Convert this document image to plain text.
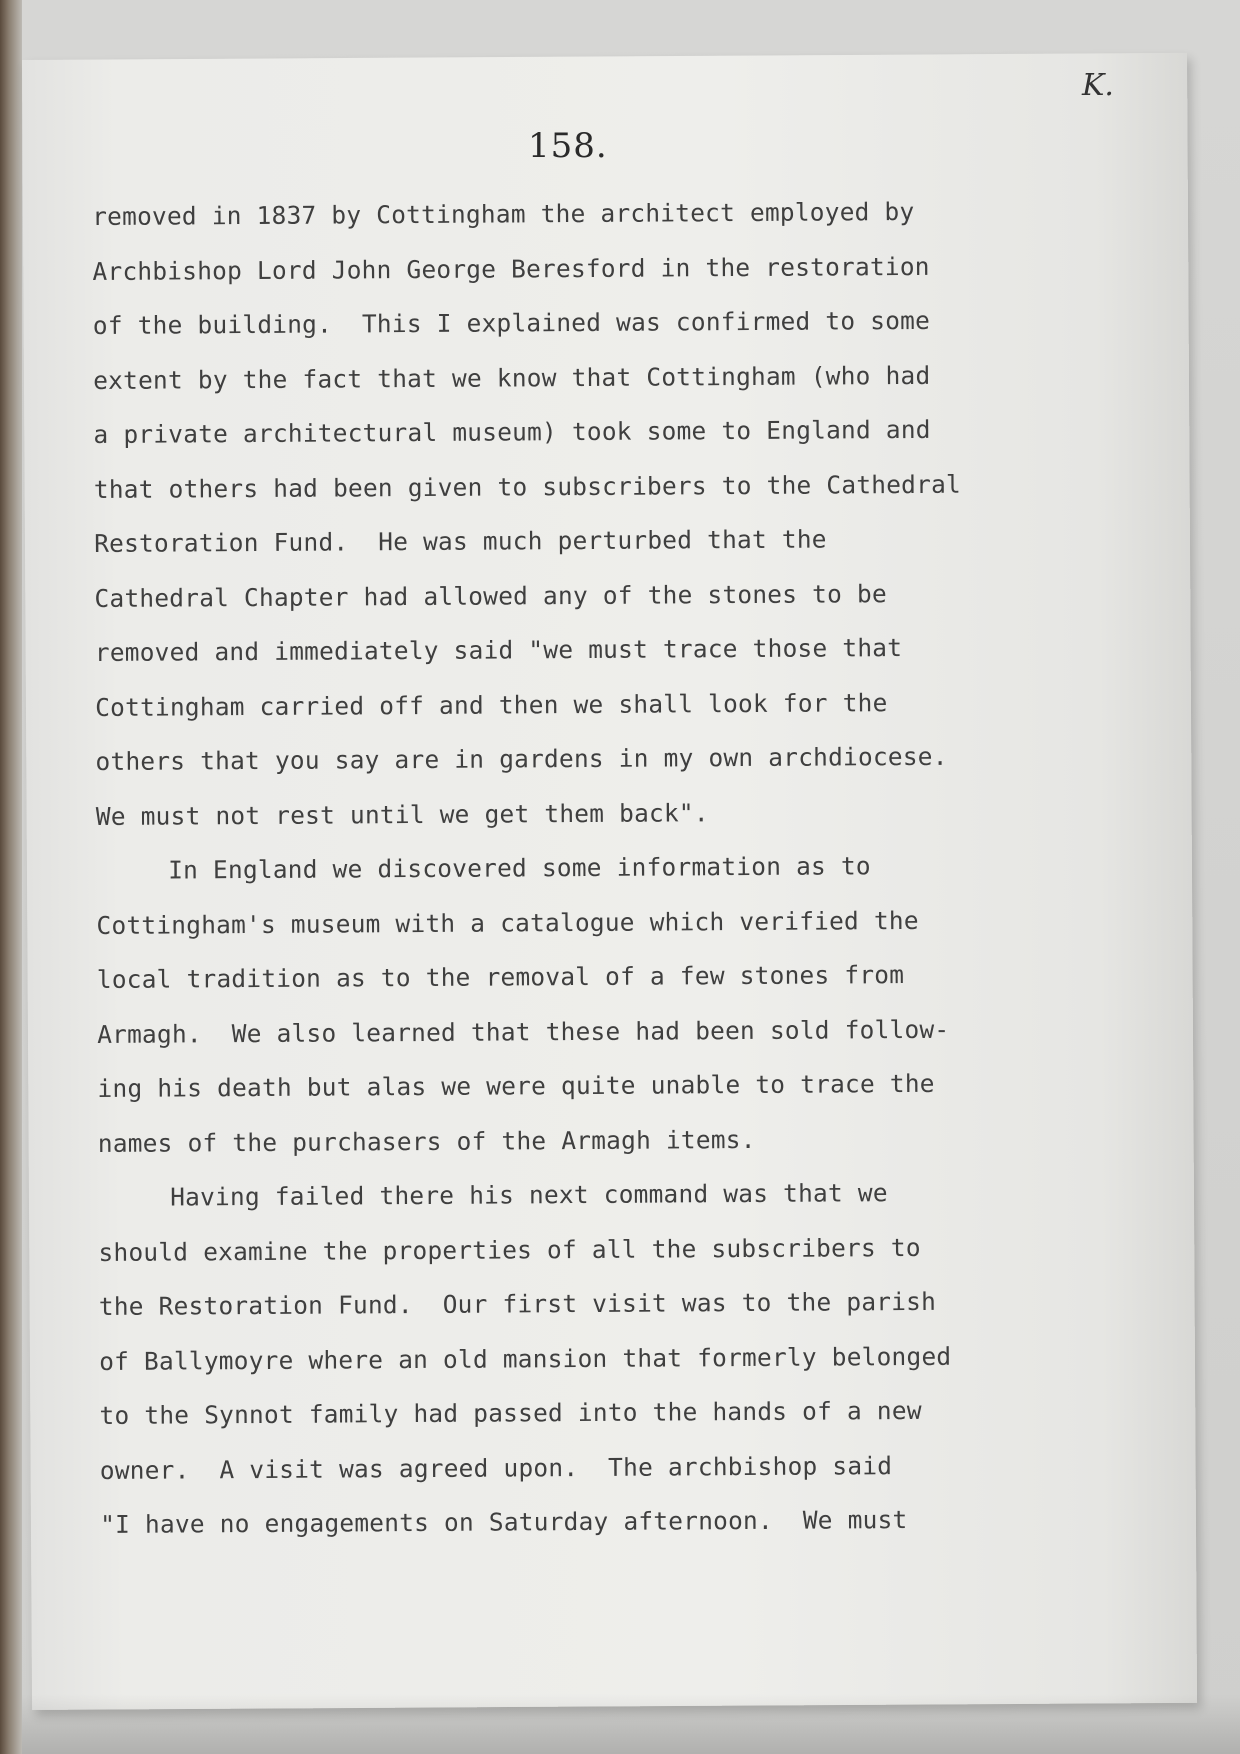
K.
158.
removed in 1837 by Cottingham the architect employed by
Archbishop Lord John George Beresford in the restoration
of the building.  This I explained was confirmed to some
extent by the fact that we know that Cottingham (who had
a private architectural museum) took some to England and
that others had been given to subscribers to the Cathedral
Restoration Fund.  He was much perturbed that the
Cathedral Chapter had allowed any of the stones to be
removed and immediately said "we must trace those that
Cottingham carried off and then we shall look for the
others that you say are in gardens in my own archdiocese.
We must not rest until we get them back".
In England we discovered some information as to
Cottingham's museum with a catalogue which verified the
local tradition as to the removal of a few stones from
Armagh.  We also learned that these had been sold follow-
ing his death but alas we were quite unable to trace the
names of the purchasers of the Armagh items.
Having failed there his next command was that we
should examine the properties of all the subscribers to
the Restoration Fund.  Our first visit was to the parish
of Ballymoyre where an old mansion that formerly belonged
to the Synnot family had passed into the hands of a new
owner.  A visit was agreed upon.  The archbishop said
"I have no engagements on Saturday afternoon.  We must
